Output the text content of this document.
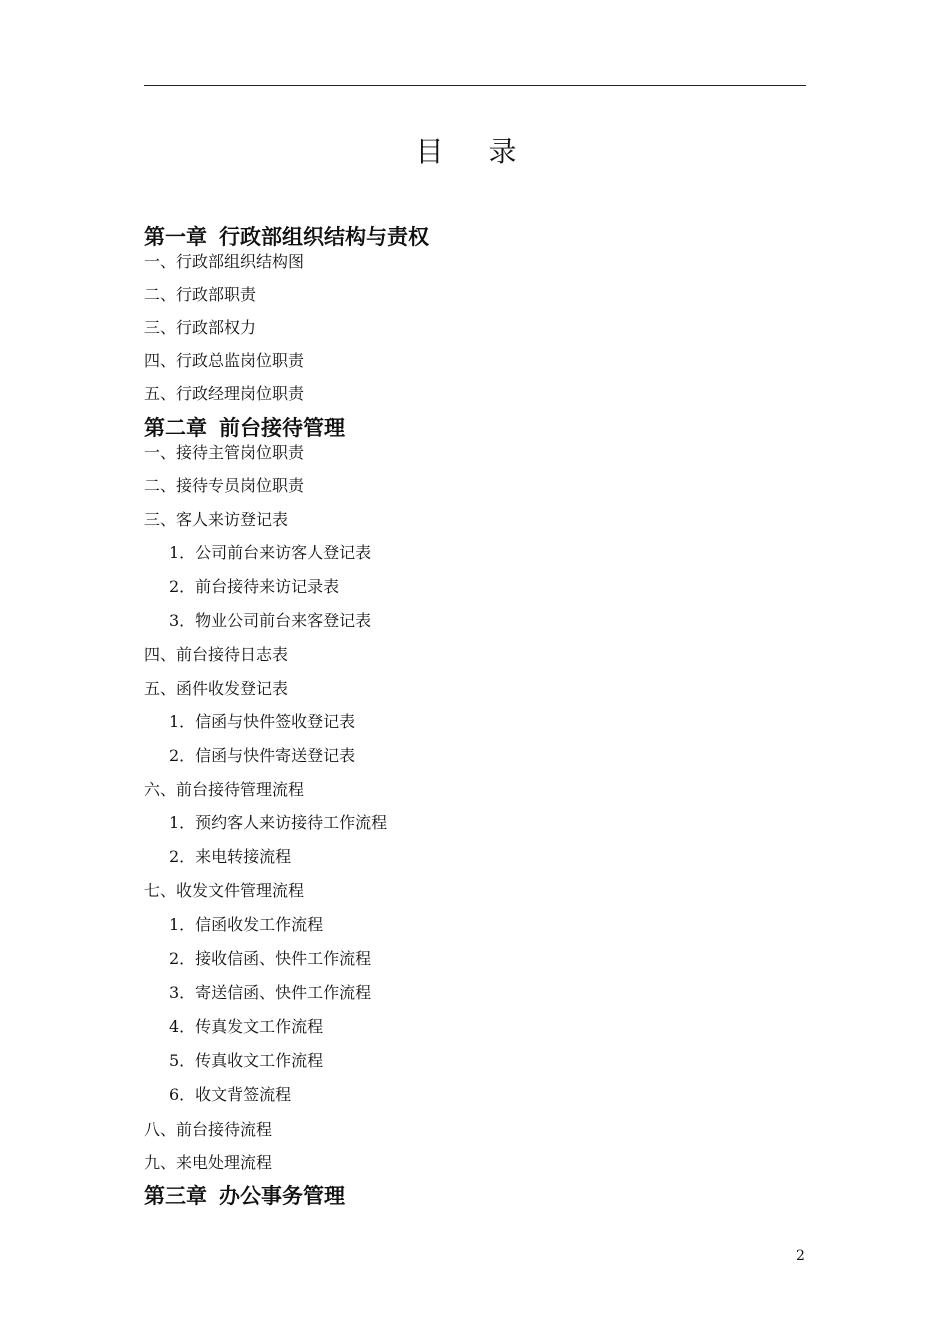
目 录
第一章 行政部组织结构与责权
一、行政部组织结构图
二、行政部职责
三、行政部权力
四、行政总监岗位职责
五、行政经理岗位职责
第二章 前台接待管理
一、接待主管岗位职责
二、接待专员岗位职责
三、客人来访登记表
1．公司前台来访客人登记表
2．前台接待来访记录表
3．物业公司前台来客登记表
四、前台接待日志表
五、函件收发登记表
1．信函与快件签收登记表
2．信函与快件寄送登记表
六、前台接待管理流程
1．预约客人来访接待工作流程
2．来电转接流程
七、收发文件管理流程
1．信函收发工作流程
2．接收信函、快件工作流程
3．寄送信函、快件工作流程
4．传真发文工作流程
5．传真收文工作流程
6．收文背签流程
八、前台接待流程
九、来电处理流程
第三章 办公事务管理
2
